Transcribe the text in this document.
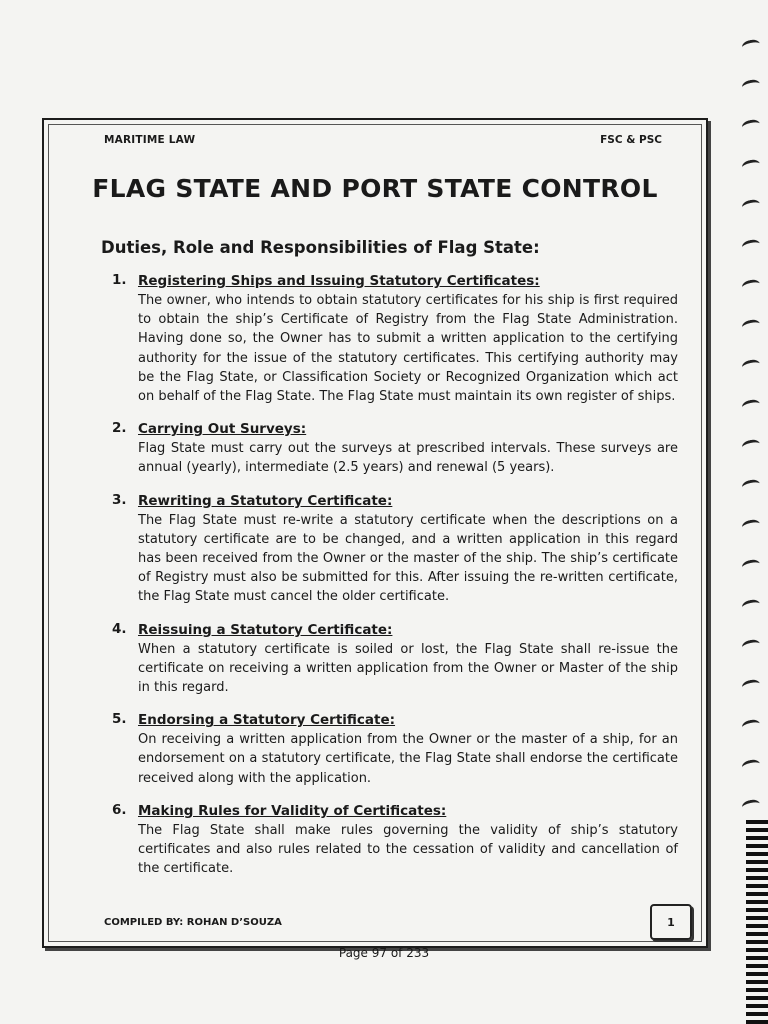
MARITIME LAW	FSC & PSC
FLAG STATE AND PORT STATE CONTROL
Duties, Role and Responsibilities of Flag State:
1. Registering Ships and Issuing Statutory Certificates:
The owner, who intends to obtain statutory certificates for his ship is first required to obtain the ship’s Certificate of Registry from the Flag State Administration. Having done so, the Owner has to submit a written application to the certifying authority for the issue of the statutory certificates. This certifying authority may be the Flag State, or Classification Society or Recognized Organization which act on behalf of the Flag State. The Flag State must maintain its own register of ships.
2. Carrying Out Surveys:
Flag State must carry out the surveys at prescribed intervals. These surveys are annual (yearly), intermediate (2.5 years) and renewal (5 years).
3. Rewriting a Statutory Certificate:
The Flag State must re-write a statutory certificate when the descriptions on a statutory certificate are to be changed, and a written application in this regard has been received from the Owner or the master of the ship. The ship’s certificate of Registry must also be submitted for this. After issuing the re-written certificate, the Flag State must cancel the older certificate.
4. Reissuing a Statutory Certificate:
When a statutory certificate is soiled or lost, the Flag State shall re-issue the certificate on receiving a written application from the Owner or Master of the ship in this regard.
5. Endorsing a Statutory Certificate:
On receiving a written application from the Owner or the master of a ship, for an endorsement on a statutory certificate, the Flag State shall endorse the certificate received along with the application.
6. Making Rules for Validity of Certificates:
The Flag State shall make rules governing the validity of ship’s statutory certificates and also rules related to the cessation of validity and cancellation of the certificate.
COMPILED BY: ROHAN D’SOUZA	1
Page 97 of 233
